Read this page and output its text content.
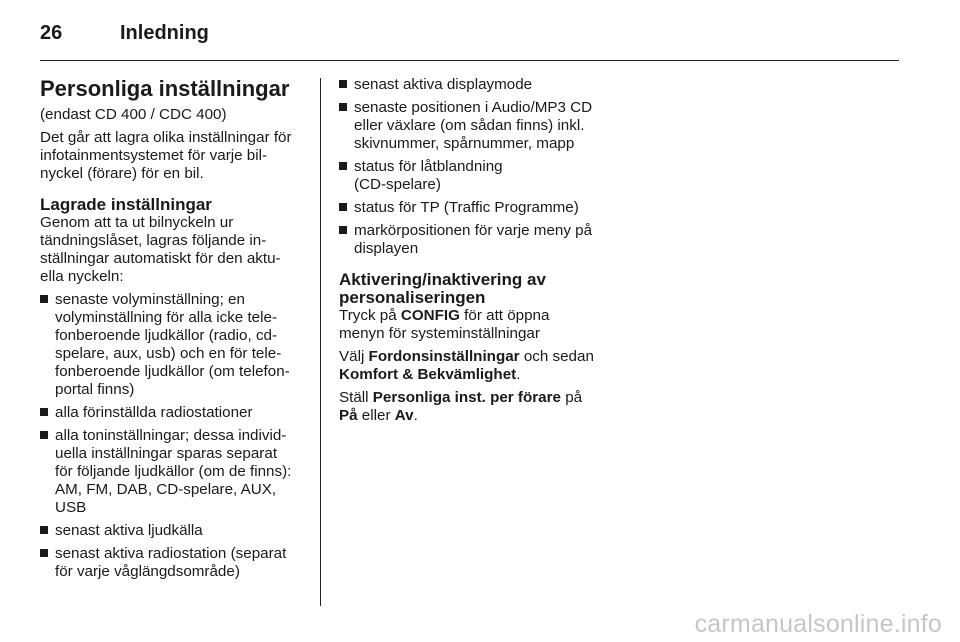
26	Inledning
Personliga inställningar

(endast CD 400 / CDC 400)

Det går att lagra olika inställningar för
infotainmentsystemet för varje bil-
nyckel (förare) för en bil.

Lagrade inställningar

Genom att ta ut bilnyckeln ur
tändningslåset, lagras följande in-
ställningar automatiskt för den aktu-
ella nyckeln:

senaste volyminställning; en
volyminställning för alla icke tele-
fonberoende ljudkällor (radio, cd-
spelare, aux, usb) och en för tele-
fonberoende ljudkällor (om telefon-
portal finns)
alla förinställda radiostationer
alla toninställningar; dessa individ-
uella inställningar sparas separat
för följande ljudkällor (om de finns):
AM, FM, DAB, CD-spelare, AUX,
USB
senast aktiva ljudkälla
senast aktiva radiostation (separat
för varje våglängdsområde)
senast aktiva displaymode
senaste positionen i Audio/MP3 CD
eller växlare (om sådan finns) inkl.
skivnummer, spårnummer, mapp
status för låtblandning
(CD-spelare)
status för TP (Traffic Programme)
markörpositionen för varje meny på
displayen
Aktivering/inaktivering av
personaliseringen

Tryck på CONFIG för att öppna
menyn för systeminställningar

Välj Fordonsinställningar och sedan
Komfort & Bekvämlighet.

Ställ Personliga inst. per förare på
På eller Av.

carmanualsonline.info
